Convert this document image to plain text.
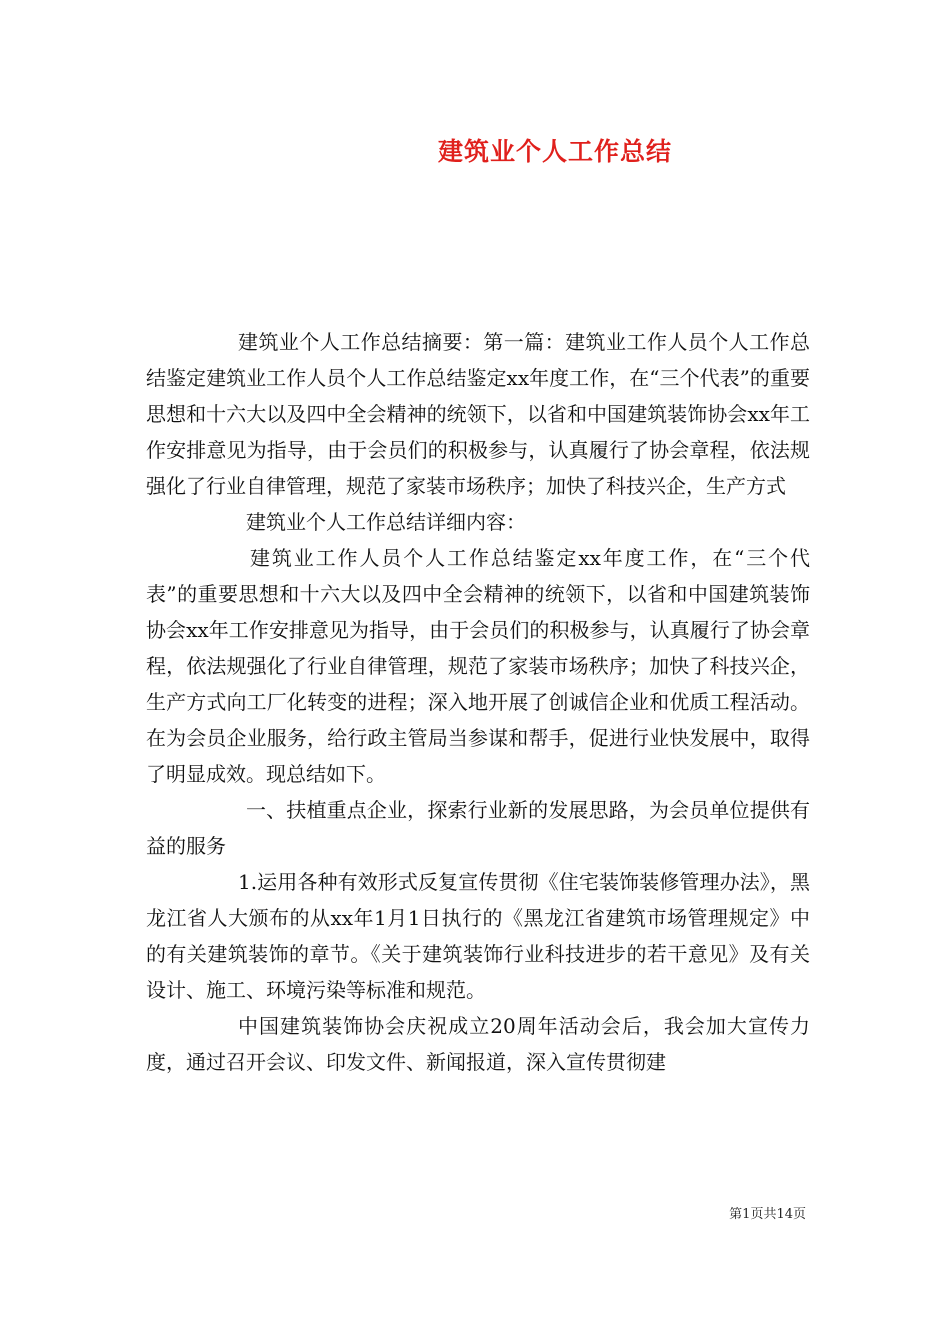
建筑业个人工作总结

建筑业个人工作总结摘要：第一篇：建筑业工作人员个人工作总结鉴定建筑业工作人员个人工作总结鉴定xx年度工作，在“三个代表”的重要思想和十六大以及四中全会精神的统领下，以省和中国建筑装饰协会xx年工作安排意见为指导，由于会员们的积极参与，认真履行了协会章程，依法规强化了行业自律管理，规范了家装市场秩序；加快了科技兴企，生产方式

建筑业个人工作总结详细内容：

建筑业工作人员个人工作总结鉴定xx年度工作，在“三个代表”的重要思想和十六大以及四中全会精神的统领下，以省和中国建筑装饰协会xx年工作安排意见为指导，由于会员们的积极参与，认真履行了协会章程，依法规强化了行业自律管理，规范了家装市场秩序；加快了科技兴企，生产方式向工厂化转变的进程；深入地开展了创诚信企业和优质工程活动。在为会员企业服务，给行政主管局当参谋和帮手，促进行业快发展中，取得了明显成效。现总结如下。

一、扶植重点企业，探索行业新的发展思路，为会员单位提供有益的服务

1.运用各种有效形式反复宣传贯彻《住宅装饰装修管理办法》，黑龙江省人大颁布的从xx年1月1日执行的《黑龙江省建筑市场管理规定》中的有关建筑装饰的章节。《关于建筑装饰行业科技进步的若干意见》及有关设计、施工、环境污染等标准和规范。

中国建筑装饰协会庆祝成立20周年活动会后，我会加大宣传力度，通过召开会议、印发文件、新闻报道，深入宣传贯彻建

第1页共14页
